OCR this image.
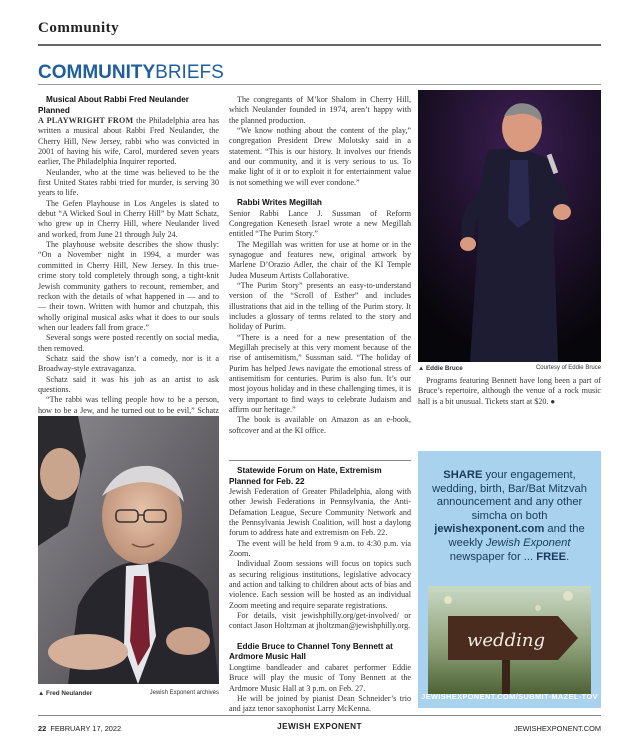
Community
COMMUNITYBRIEFS

Musical About Rabbi Fred Neulander Planned

A PLAYWRIGHT FROM the Philadelphia area has written a musical about Rabbi Fred Neulander, the Cherry Hill, New Jersey, rabbi who was convicted in 2001 of having his wife, Carol, murdered seven years earlier, The Philadelphia Inquirer reported.

Neulander, who at the time was believed to be the first United States rabbi tried for murder, is serving 30 years to life.

The Gefen Playhouse in Los Angeles is slated to debut “A Wicked Soul in Cherry Hill” by Matt Schatz, who grew up in Cherry Hill, where Neulander lived and worked, from June 21 through July 24.

The playhouse website describes the show thusly: “On a November night in 1994, a murder was committed in Cherry Hill, New Jersey. In this true-crime story told completely through song, a tight-knit Jewish community gathers to recount, remember, and reckon with the details of what happened in — and to — their town. Written with humor and chutzpah, this wholly original musical asks what it does to our souls when our leaders fall from grace.”

Several songs were posted recently on social media, then removed.

Schatz said the show isn’t a comedy, nor is it a Broadway-style extravaganza.

Schatz said it was his job as an artist to ask questions.

“The rabbi was telling people how to be a person, how to be a Jew, and he turned out to be evil,” Schatz

▲ Fred Neulander	Jewish Exponent archives

The congregants of M’kor Shalom in Cherry Hill, which Neulander founded in 1974, aren’t happy with the planned production.

“We know nothing about the content of the play,” congregation President Drew Molotsky said in a statement. “This is our history. It involves our friends and our community, and it is very serious to us. To make light of it or to exploit it for entertainment value is not something we will ever condone.”

Rabbi Writes Megillah

Senior Rabbi Lance J. Sussman of Reform Congregation Keneseth Israel wrote a new Megillah entitled “The Purim Story.”

The Megillah was written for use at home or in the synagogue and features new, original artwork by Marlene D’Orazio Adler, the chair of the KI Temple Judea Museum Artists Collaborative.

“The Purim Story” presents an easy-to-understand version of the “Scroll of Esther” and includes illustrations that aid in the telling of the Purim story. It includes a glossary of terms related to the story and holiday of Purim.

“There is a need for a new presentation of the Megillah precisely at this very moment because of the rise of antisemitism,” Sussman said. “The holiday of Purim has helped Jews navigate the emotional stress of antisemitism for centuries. Purim is also fun. It’s our most joyous holiday and in these challenging times, it is very important to find ways to celebrate Judaism and affirm our heritage.”

The book is available on Amazon as an e-book, softcover and at the KI office.

Statewide Forum on Hate, Extremism Planned for Feb. 22

Jewish Federation of Greater Philadelphia, along with other Jewish Federations in Pennsylvania, the Anti-Defamation League, Secure Community Network and the Pennsylvania Jewish Coalition, will host a daylong forum to address hate and extremism on Feb. 22.

The event will be held from 9 a.m. to 4:30 p.m. via Zoom.

Individual Zoom sessions will focus on topics such as securing religious institutions, legislative advocacy and action and talking to children about acts of bias and violence. Each session will be hosted as an individual Zoom meeting and require separate registrations.

For details, visit jewishphilly.org/get-involved/ or contact Jason Holtzman at jholtzman@jewishphilly.org.

Eddie Bruce to Channel Tony Bennett at Ardmore Music Hall

Longtime bandleader and cabaret performer Eddie Bruce will play the music of Tony Bennett at the Ardmore Music Hall at 3 p.m. on Feb. 27.

He will be joined by pianist Dean Schneider’s trio and jazz tenor saxophonist Larry McKenna.

▲ Eddie Bruce	Courtesy of Eddie Bruce

Programs featuring Bennett have long been a part of Bruce’s repertoire, although the venue of a rock music hall is a bit unusual. Tickets start at $20. ●

SHARE your engagement, wedding, birth, Bar/Bat Mitzvah announcement and any other simcha on both jewishexponent.com and the weekly Jewish Exponent newspaper for ... FREE.
wedding
JEWISHEXPONENT.COM/SUBMIT-MAZEL-TOV
22 FEBRUARY 17, 2022	JEWISH EXPONENT	JEWISHEXPONENT.COM
